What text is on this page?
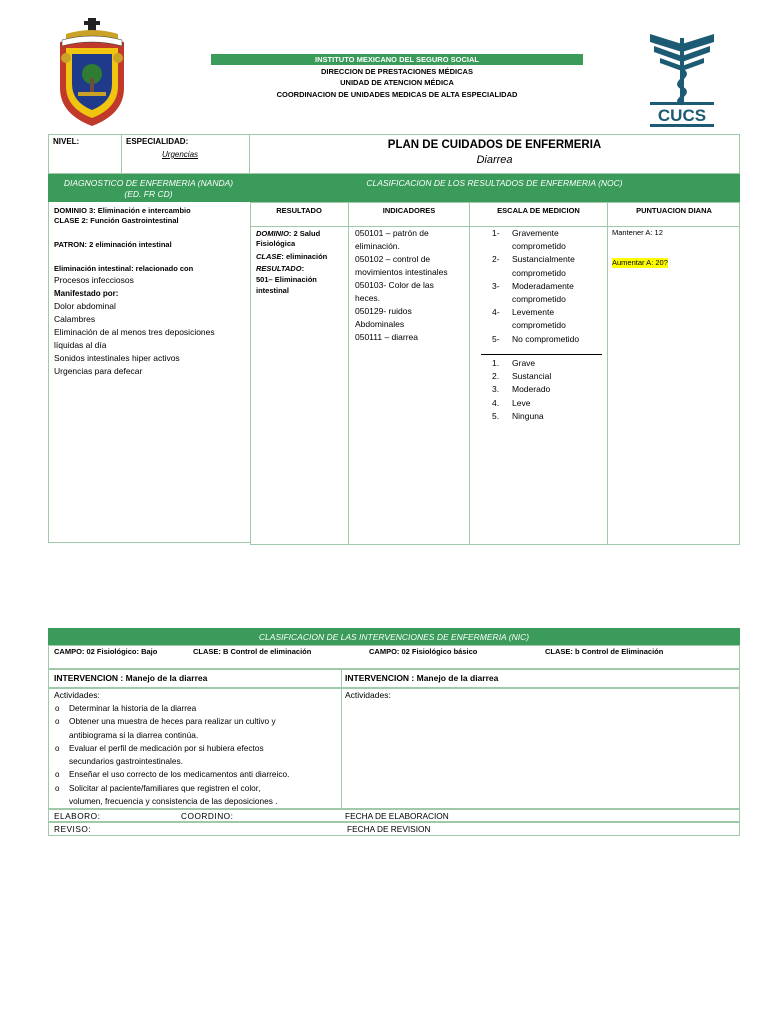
CUCS
INSTITUTO MEXICANO DEL SEGURO SOCIAL
DIRECCION DE PRESTACIONES MÉDICAS
UNIDAD DE ATENCION MÉDICA
COORDINACION DE UNIDADES MEDICAS DE ALTA ESPECIALIDAD
NIVEL:	ESPECIALIDAD:
Urgencias
PLAN DE CUIDADOS DE ENFERMERIA
Diarrea
DIAGNOSTICO DE ENFERMERIA (NANDA)
(ED. FR CD)
CLASIFICACION DE LOS RESULTADOS DE ENFERMERIA (NOC)
DOMINIO 3: Eliminación e intercambio
CLASE 2: Función Gastrointestinal
PATRON: 2 eliminación intestinal
Eliminación intestinal: relacionado con
Procesos infecciosos
Manifestado por:
Dolor abdominal
Calambres
Eliminación de al menos tres deposiciones
líquidas al día
Sonidos intestinales hiper activos
Urgencias para defecar
RESULTADO	INDICADORES	ESCALA DE MEDICION	PUNTUACION DIANA
DOMINIO: 2 Salud
Fisiológica
CLASE: eliminación
RESULTADO:
501– Eliminación
intestinal
050101 – patrón de
eliminación.
050102 – control de
movimientos intestinales
050103- Color de las
heces.
050129- ruidos
Abdominales
050111 – diarrea
1- Gravemente
comprometido
2- Sustancialmente
comprometido
3- Moderadamente
comprometido
4- Levemente
comprometido
5- No comprometido
1. Grave
2. Sustancial
3. Moderado
4. Leve
5. Ninguna
Mantener A: 12
Aumentar A: 20?
CLASIFICACION DE LAS INTERVENCIONES DE ENFERMERIA (NIC)
CAMPO: 02 Fisiológico: Bajo	CLASE: B Control de eliminación	CAMPO: 02 Fisiológico básico	CLASE: b Control de Eliminación
INTERVENCION : Manejo de la diarrea	INTERVENCION : Manejo de la diarrea
Actividades:	Actividades:
o Determinar la historia de la diarrea
o Obtener una muestra de heces para realizar un cultivo y
antibiograma si la diarrea continúa.
o Evaluar el perfil de medicación por si hubiera efectos
secundarios gastrointestinales.
o Enseñar el uso correcto de los medicamentos anti diarreico.
o Solicitar al paciente/familiares que registren el color,
volumen, frecuencia y consistencia de las deposiciones .
ELABORO:	COORDINO:	FECHA DE ELABORACION
REVISO:	FECHA DE REVISION
